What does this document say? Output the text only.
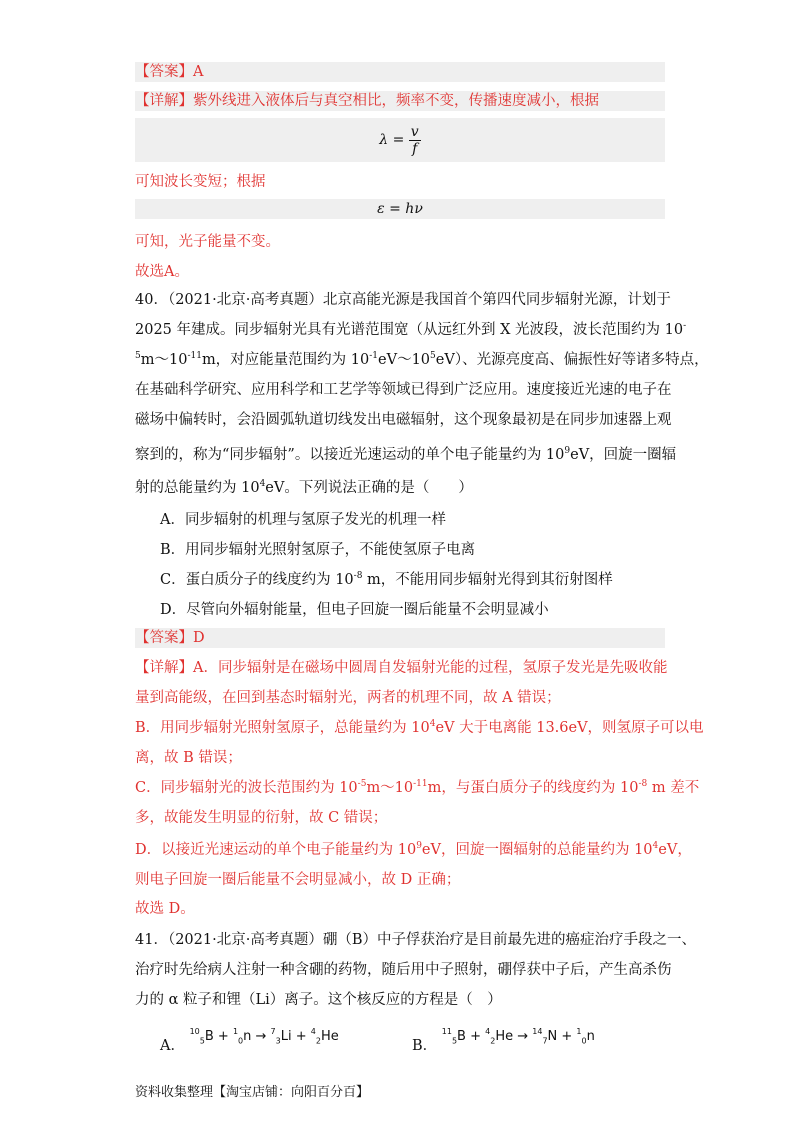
【答案】A
【详解】紫外线进入液体后与真空相比，频率不变，传播速度减小，根据
$\lambda = \frac{v}{f}$
可知波长变短；根据
ε = hν
可知，光子能量不变。
故选A。
40．（2021·北京·高考真题）北京高能光源是我国首个第四代同步辐射光源，计划于
2025 年建成。同步辐射光具有光谱范围宽（从远红外到 X 光波段，波长范围约为 10-
$^5m\sim 10^{-11}m$，对应能量范围约为 $10^{-1}eV\sim 10^5eV$）、光源亮度高、偏振性好等诸多特点，
在基础科学研究、应用科学和工艺学等领域已得到广泛应用。速度接近光速的电子在
磁场中偏转时，会沿圆弧轨道切线发出电磁辐射，这个现象最初是在同步加速器上观
察到的，称为“同步辐射”。以接近光速运动的单个电子能量约为 $10^9eV$，回旋一圈辐
射的总能量约为 $10^4eV$。下列说法正确的是（　　）
A．同步辐射的机理与氢原子发光的机理一样
B．用同步辐射光照射氢原子，不能使氢原子电离
C．蛋白质分子的线度约为 $10^{-8}$ m，不能用同步辐射光得到其衍射图样
D．尽管向外辐射能量，但电子回旋一圈后能量不会明显减小
【答案】D
【详解】A．同步辐射是在磁场中圆周自发辐射光能的过程，氢原子发光是先吸收能
量到高能级，在回到基态时辐射光，两者的机理不同，故 A 错误；
B．用同步辐射光照射氢原子，总能量约为 $10^4eV$ 大于电离能 13.6eV，则氢原子可以电
离，故 B 错误；
C．同步辐射光的波长范围约为 $10^{-5}m\sim 10^{-11}m$，与蛋白质分子的线度约为 $10^{-8}$ m 差不
多，故能发生明显的衍射，故 C 错误；
D．以接近光速运动的单个电子能量约为 $10^9eV$，回旋一圈辐射的总能量约为 $10^4eV$，
则电子回旋一圈后能量不会明显减小，故 D 正确；
故选 D。
41．（2021·北京·高考真题）硼（B）中子俘获治疗是目前最先进的癌症治疗手段之一、
治疗时先给病人注射一种含硼的药物，随后用中子照射，硼俘获中子后，产生高杀伤
力的 α 粒子和锂（Li）离子。这个核反应的方程是（　）
A． $^{10}_5$B + $^1_0$n → $^7_3$Li + $^4_2$He
B． $^{11}_5$B + $^4_2$He → $^{14}_7$N + $^1_0$n
资料收集整理【淘宝店铺：向阳百分百】
